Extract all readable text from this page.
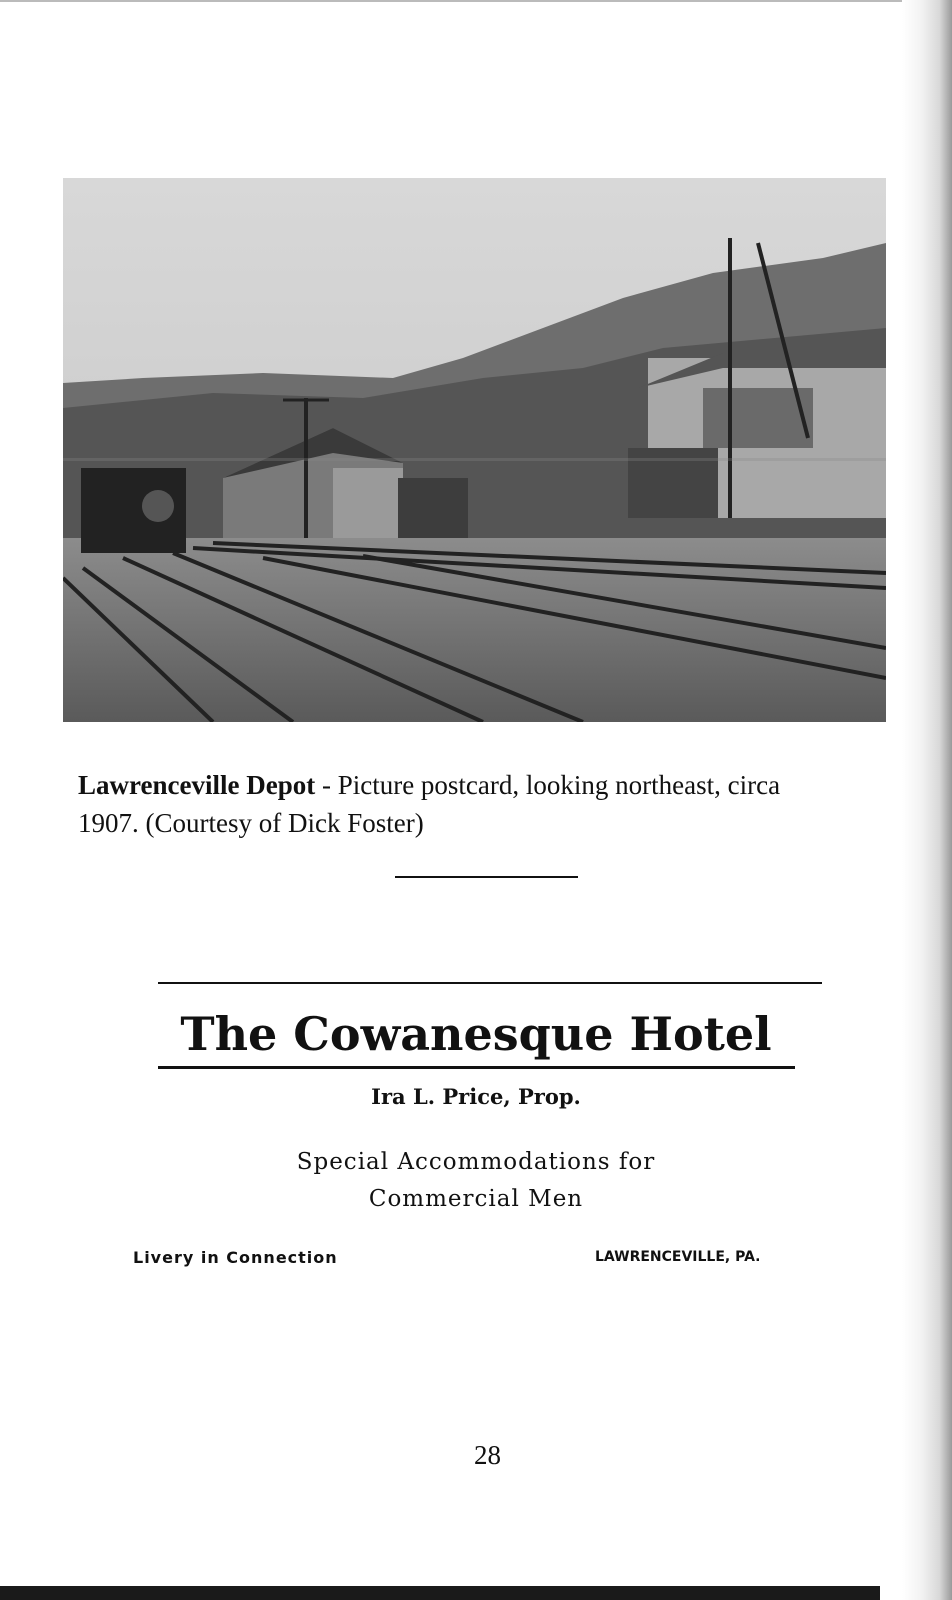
Lawrenceville Depot - Picture postcard, looking northeast, circa
1907. (Courtesy of Dick Foster)
The Cowanesque Hotel
Ira L. Price, Prop.
Special Accommodations for
Commercial Men
Livery in Connection	LAWRENCEVILLE, PA.
28
